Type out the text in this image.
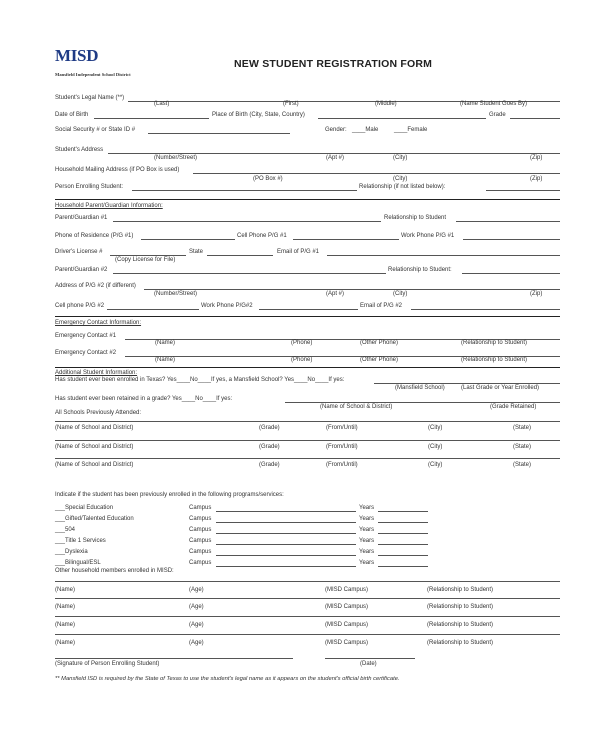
MISD
Mansfield Independent School District
NEW STUDENT REGISTRATION FORM
Student's Legal Name (**)
(Last)	(First)	(Middle)	(Name Student Goes By)
Date of Birth	Place of Birth (City, State, Country)	Grade
Social Security # or State ID #	Gender: ____Male	____Female
Student's Address
(Number/Street)	(Apt #)	(City)	(Zip)
Household Mailing Address (if PO Box is used)
(PO Box #)	(City)	(Zip)
Person Enrolling Student:	Relationship (if not listed below):
Household Parent/Guardian Information:
Parent/Guardian #1	Relationship to Student
Phone of Residence (P/G #1)	Cell Phone P/G #1	Work Phone P/G #1
Driver's License #	State	Email of P/G #1
(Copy License for File)
Parent/Guardian #2	Relationship to Student:
Address of P/G #2 (if different)
(Number/Street)	(Apt #)	(City)	(Zip)
Cell phone P/G #2	Work Phone P/G#2	Email of P/G #2
Emergency Contact Information:
Emergency Contact #1
(Name)	(Phone)	(Other Phone)	(Relationship to Student)
Emergency Contact #2
(Name)	(Phone)	(Other Phone)	(Relationship to Student)
Additional Student Information:
Has student ever been enrolled in Texas? Yes____No____If yes, a Mansfield School? Yes____No____If yes:
(Mansfield School)	(Last Grade or Year Enrolled)
Has student ever been retained in a grade? Yes____No____If yes:
(Name of School & District)	(Grade Retained)
All Schools Previously Attended:
(Name of School and District)	(Grade)	(From/Until)	(City)	(State)
(Name of School and District)	(Grade)	(From/Until)	(City)	(State)
(Name of School and District)	(Grade)	(From/Until)	(City)	(State)
Indicate if the student has been previously enrolled in the following programs/services:
___Special Education	Campus	Years
___Gifted/Talented Education	Campus	Years
___504	Campus	Years
___Title 1 Services	Campus	Years
___Dyslexia	Campus	Years
___Bilingual/ESL	Campus	Years
Other household members enrolled in MISD:
(Name)	(Age)	(MISD Campus)	(Relationship to Student)
(Name)	(Age)	(MISD Campus)	(Relationship to Student)
(Name)	(Age)	(MISD Campus)	(Relationship to Student)
(Name)	(Age)	(MISD Campus)	(Relationship to Student)
(Signature of Person Enrolling Student)	(Date)
** Mansfield ISD is required by the State of Texas to use the student's legal name as it appears on the student's official birth certificate.
